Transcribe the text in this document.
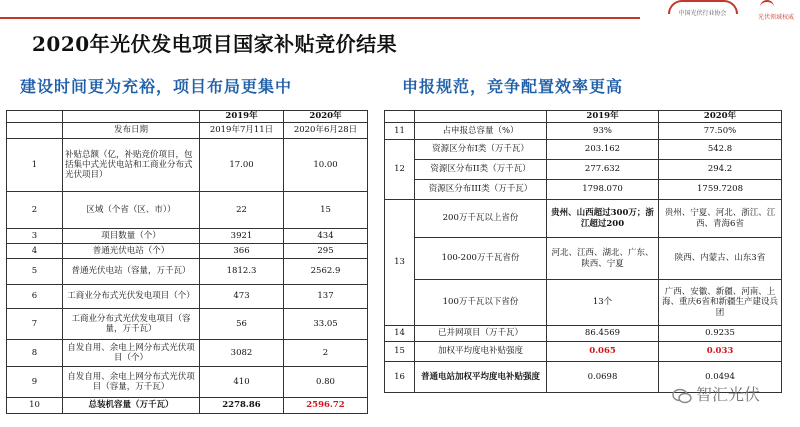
中国光伏行业协会
光伏领域权威
2020年光伏发电项目国家补贴竞价结果
建设时间更为充裕，项目布局更集中	申报规范，竞争配置效率更高
		2019年	2020年
	发布日期	2019年7月11日	2020年6月28日
1	补贴总额（亿，补贴竞价项目，包括集中式光伏电站和工商业分布式光伏项目）	17.00	10.00
2	区域（个省（区、市））	22	15
3	项目数量（个）	3921	434
4	普通光伏电站（个）	366	295
5	普通光伏电站（容量，万千瓦）	1812.3	2562.9
6	工商业分布式光伏发电项目（个）	473	137
7	工商业分布式光伏发电项目（容量，万千瓦）	56	33.05
8	自发自用、余电上网分布式光伏项目（个）	3082	2
9	自发自用、余电上网分布式光伏项目（容量，万千瓦）	410	0.80
10	总装机容量（万千瓦）	2278.86	2596.72
		2019年	2020年
11	占申报总容量（%）	93%	77.50%
12	资源区分布I类（万千瓦）	203.162	542.8
	资源区分布II类（万千瓦）	277.632	294.2
	资源区分布III类（万千瓦）	1798.070	1759.7208
13	200万千瓦以上省份	贵州、山西超过300万；浙江超过200	贵州、宁夏、河北、浙江、江西、青海6省
	100-200万千瓦省份	河北、江西、湖北、广东、陕西、宁夏	陕西、内蒙古、山东3省
	100万千瓦以下省份	13个	广西、安徽、新疆、河南、上海、重庆6省和新疆生产建设兵团
14	已并网项目（万千瓦）	86.4569	0.9235
15	加权平均度电补贴强度	0.065	0.033
16	普通电站加权平均度电补贴强度	0.0698	0.0494
智汇光伏
